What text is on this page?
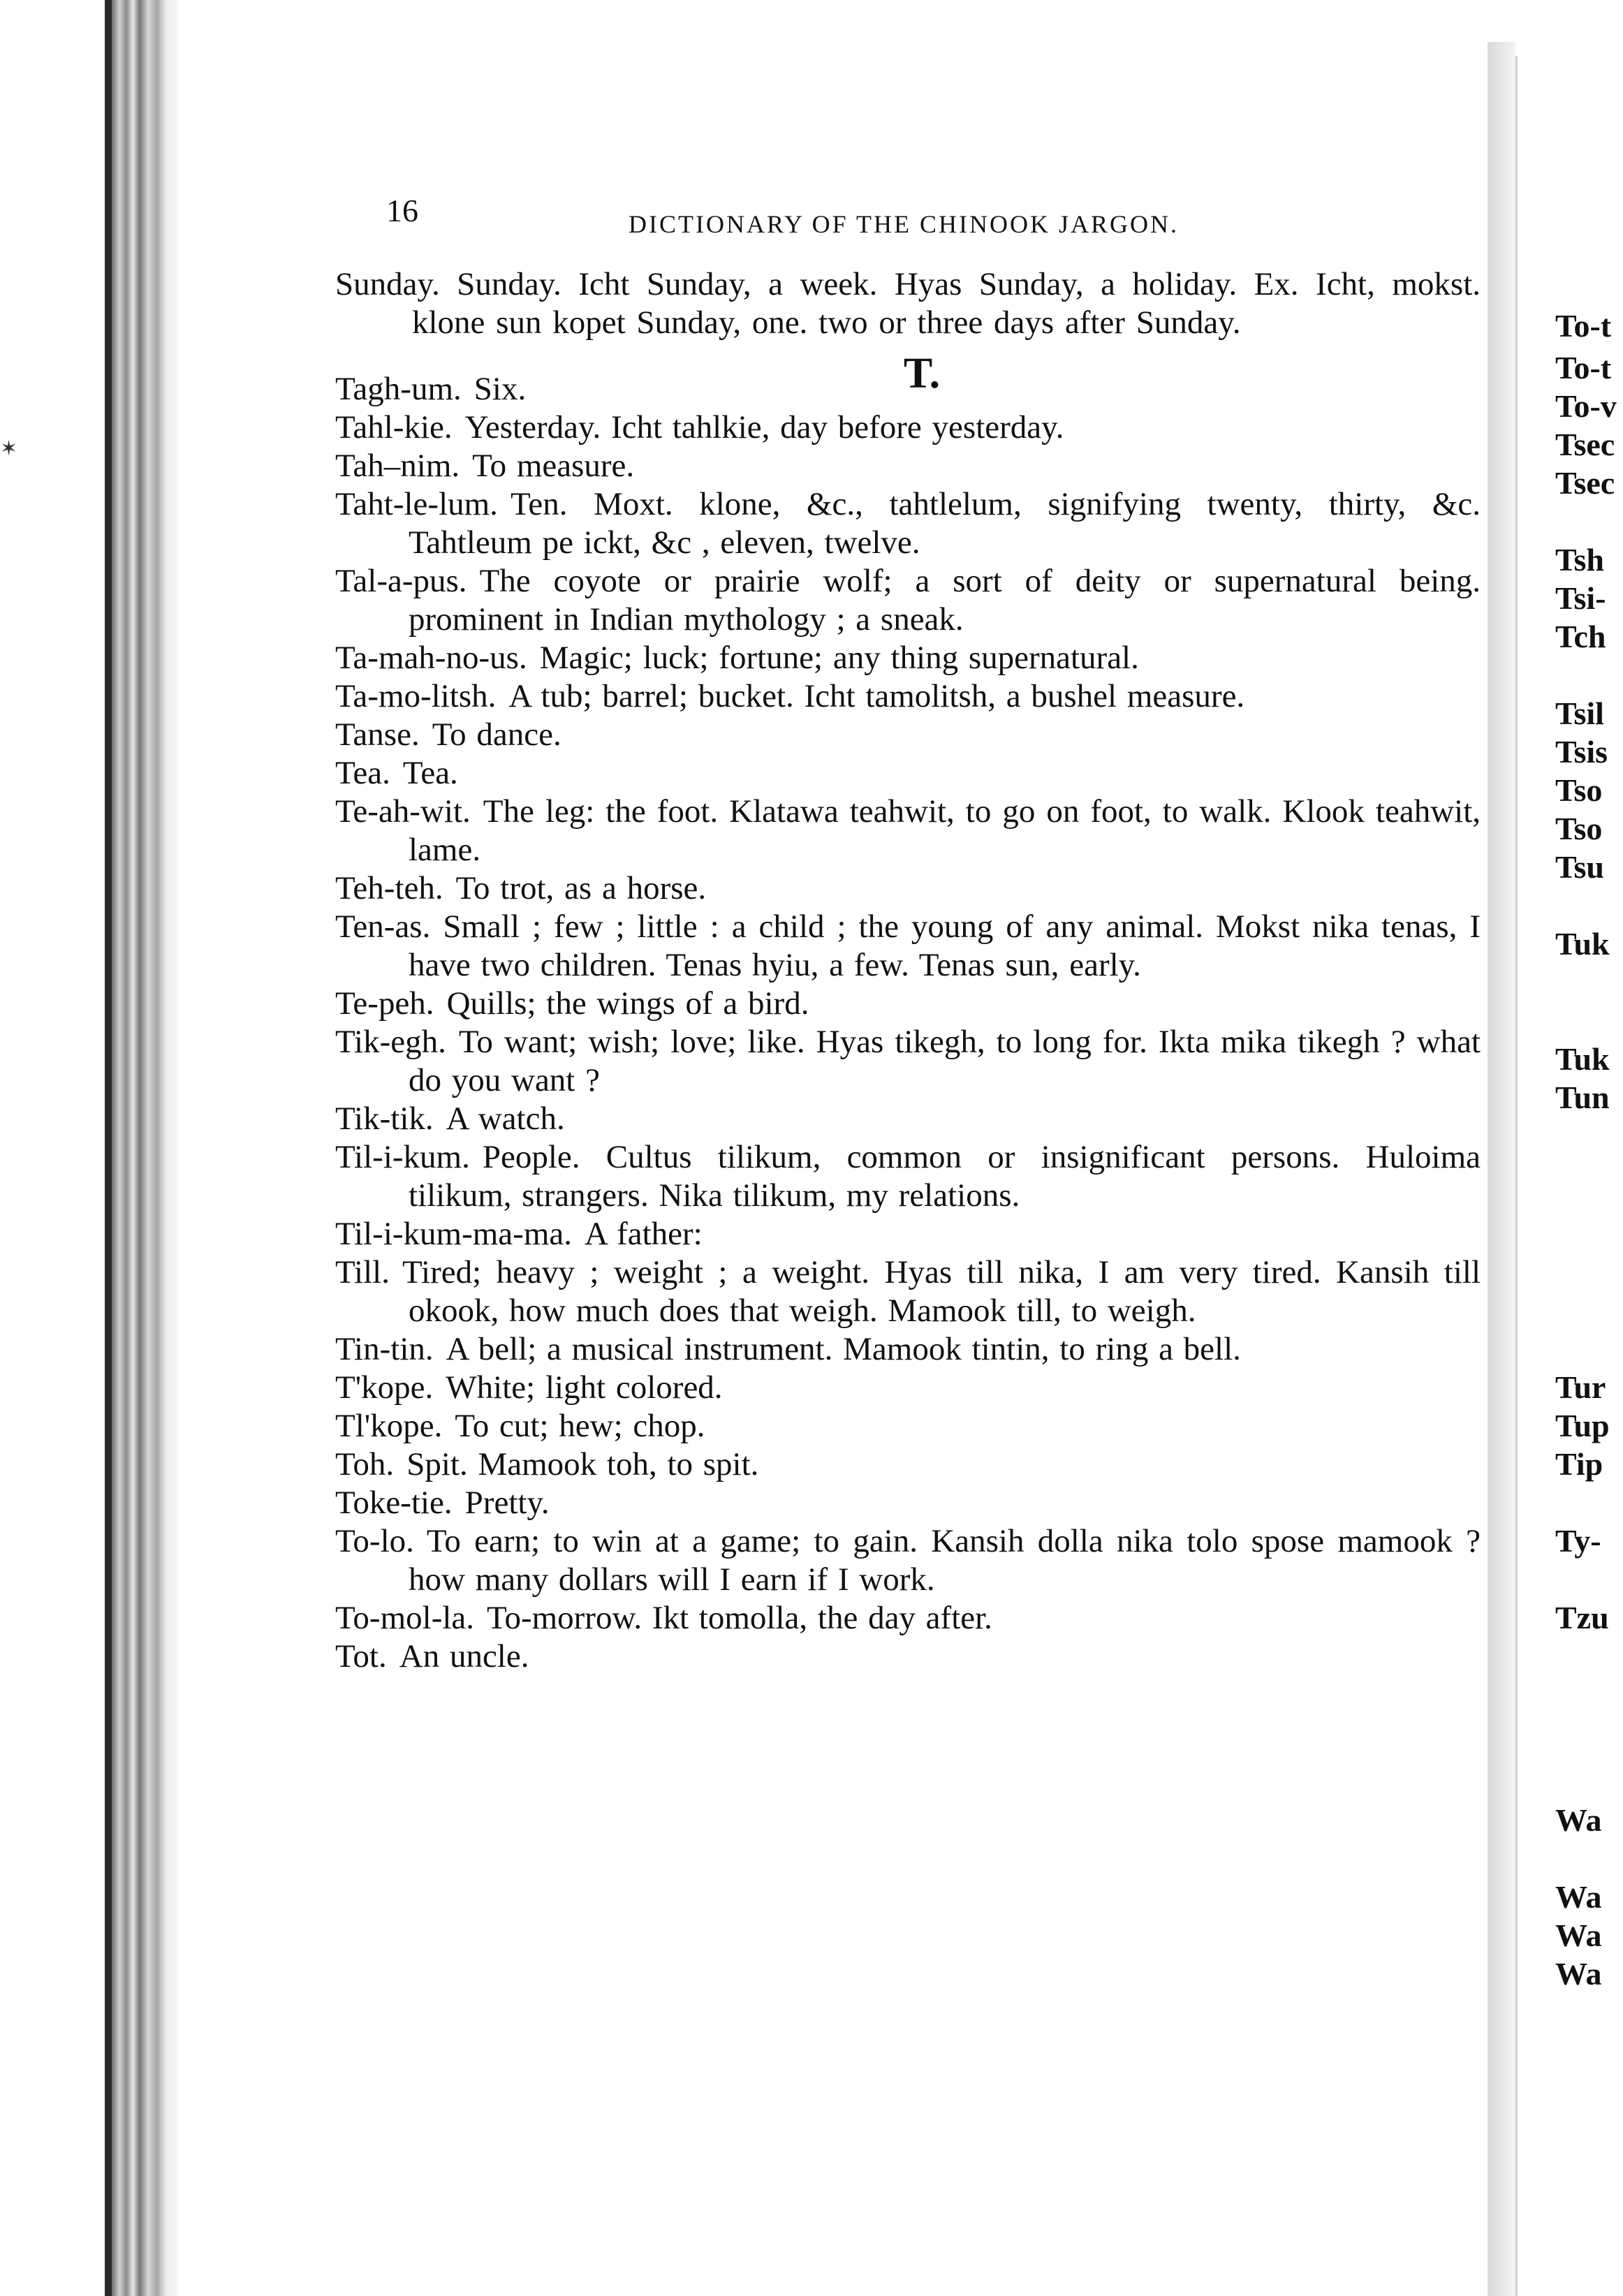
✶
To-t
To-t
To-v
Tsec
Tsec
Tsh
Tsi-
Tch
Tsil
Tsis
Tso
Tso
Tsu
Tuk
Tuk
Tun
Tur
Tup
Tip
Ty-
Tzu
Wa
Wa
Wa
Wa
16	DICTIONARY OF THE CHINOOK JARGON.

Sunday. Sunday. Icht Sunday, a week. Hyas Sunday, a holiday. Ex. Icht, mokst. klone sun kopet Sunday, one. two or three days after Sunday.

T.

Tagh-um. Six.

Tahl-kie. Yesterday. Icht tahlkie, day before yesterday.

Tah–nim. To measure.

Taht-le-lum. Ten. Moxt. klone, &c., tahtlelum, signifying twenty, thirty, &c. Tahtleum pe ickt, &c , eleven, twelve.

Tal-a-pus. The coyote or prairie wolf; a sort of deity or supernatural being. prominent in Indian mythology ; a sneak.

Ta-mah-no-us. Magic; luck; fortune; any thing supernatural.

Ta-mo-litsh. A tub; barrel; bucket. Icht tamolitsh, a bushel measure.

Tanse. To dance.

Tea. Tea.

Te-ah-wit. The leg: the foot. Klatawa teahwit, to go on foot, to walk. Klook teahwit, lame.

Teh-teh. To trot, as a horse.

Ten-as. Small ; few ; little : a child ; the young of any animal. Mokst nika tenas, I have two children. Tenas hyiu, a few. Tenas sun, early.

Te-peh. Quills; the wings of a bird.

Tik-egh. To want; wish; love; like. Hyas tikegh, to long for. Ikta mika tikegh ? what do you want ?

Tik-tik. A watch.

Til-i-kum. People. Cultus tilikum, common or insignificant persons. Huloima tilikum, strangers. Nika tilikum, my relations.

Til-i-kum-ma-ma. A father:

Till. Tired; heavy ; weight ; a weight. Hyas till nika, I am very tired. Kansih till okook, how much does that weigh. Mamook till, to weigh.

Tin-tin. A bell; a musical instrument. Mamook tintin, to ring a bell.

T'kope. White; light colored.

Tl'kope. To cut; hew; chop.

Toh. Spit. Mamook toh, to spit.

Toke-tie. Pretty.

To-lo. To earn; to win at a game; to gain. Kansih dolla nika tolo spose mamook ? how many dollars will I earn if I work.

To-mol-la. To-morrow. Ikt tomolla, the day after.

Tot. An uncle.
